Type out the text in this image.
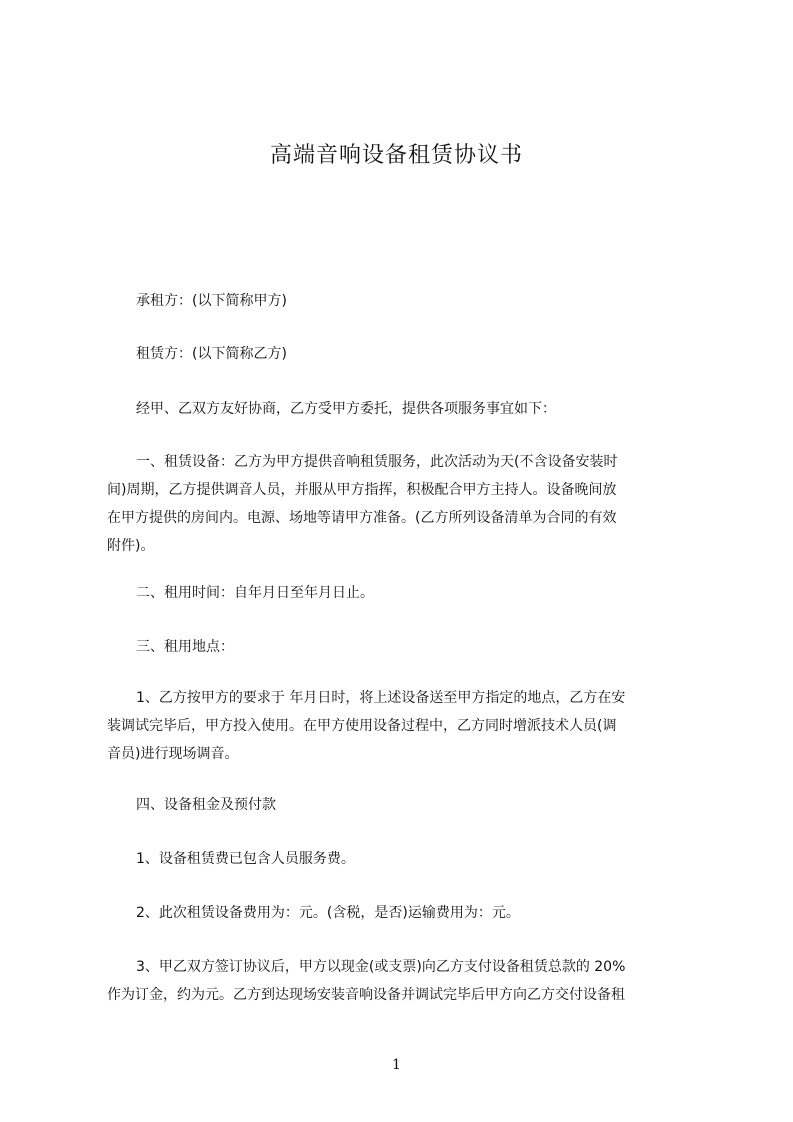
高端音响设备租赁协议书
承租方：(以下简称甲方)
租赁方：(以下简称乙方)
经甲、乙双方友好协商，乙方受甲方委托，提供各项服务事宜如下：
一、租赁设备：乙方为甲方提供音响租赁服务，此次活动为天(不含设备安装时
间)周期，乙方提供调音人员，并服从甲方指挥，积极配合甲方主持人。设备晚间放
在甲方提供的房间内。电源、场地等请甲方准备。(乙方所列设备清单为合同的有效
附件)。
二、租用时间：自年月日至年月日止。
三、租用地点：
1、乙方按甲方的要求于 年月日时，将上述设备送至甲方指定的地点，乙方在安
装调试完毕后，甲方投入使用。在甲方使用设备过程中，乙方同时增派技术人员(调
音员)进行现场调音。
四、设备租金及预付款
1、设备租赁费已包含人员服务费。
2、此次租赁设备费用为：元。(含税，是否)运输费用为：元。
3、甲乙双方签订协议后，甲方以现金(或支票)向乙方支付设备租赁总款的 20%
作为订金，约为元。乙方到达现场安装音响设备并调试完毕后甲方向乙方交付设备租
1
